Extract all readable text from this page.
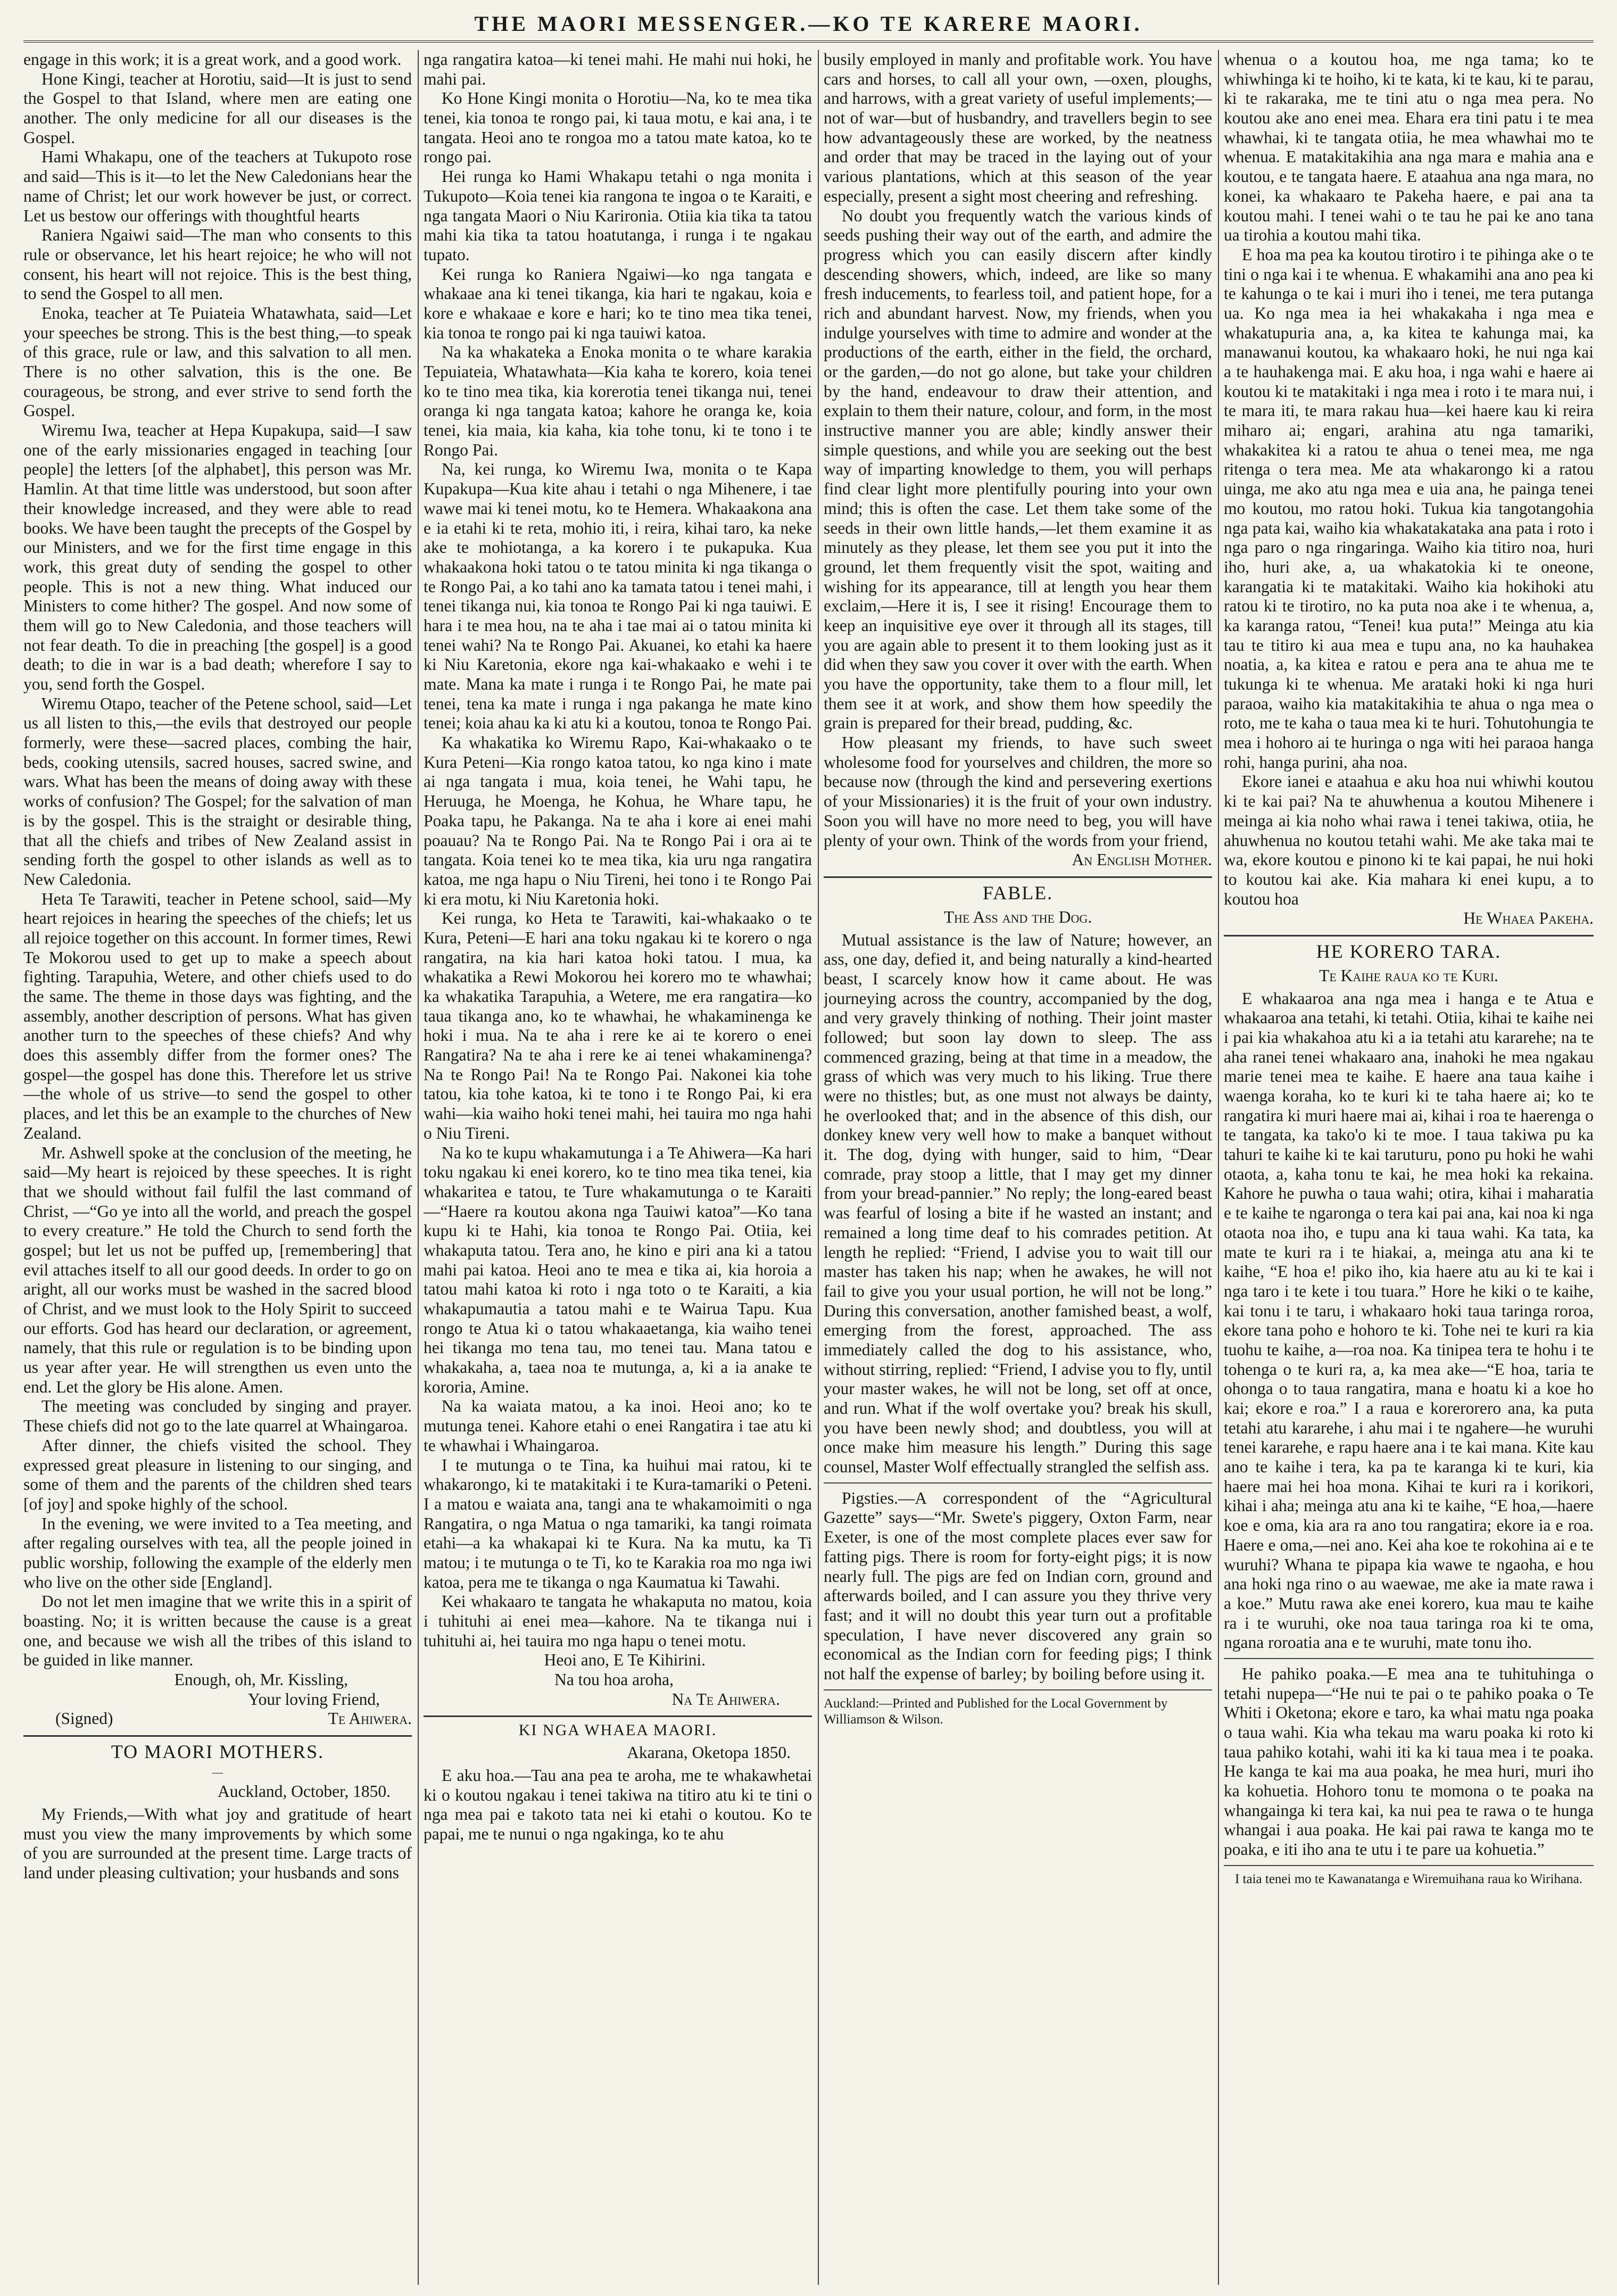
THE MAORI MESSENGER.—KO TE KARERE MAORI.

engage in this work; it is a great work, and a good work.

Hone Kingi, teacher at Horotiu, said—It is just to send the Gospel to that Island, where men are eating one another. The only medicine for all our diseases is the Gospel.

Hami Whakapu, one of the teachers at Tukupoto rose and said—This is it—to let the New Caledonians hear the name of Christ; let our work however be just, or correct. Let us bestow our offerings with thoughtful hearts

Raniera Ngaiwi said—The man who consents to this rule or observance, let his heart rejoice; he who will not consent, his heart will not rejoice. This is the best thing, to send the Gospel to all men.

Enoka, teacher at Te Puiateia Whatawhata, said—Let your speeches be strong. This is the best thing,—to speak of this grace, rule or law, and this salvation to all men. There is no other salvation, this is the one. Be courageous, be strong, and ever strive to send forth the Gospel.

Wiremu Iwa, teacher at Hepa Kupakupa, said—I saw one of the early missionaries engaged in teaching [our people] the letters [of the alphabet], this person was Mr. Hamlin. At that time little was understood, but soon after their knowledge increased, and they were able to read books. We have been taught the precepts of the Gospel by our Ministers, and we for the first time engage in this work, this great duty of sending the gospel to other people. This is not a new thing. What induced our Ministers to come hither? The gospel. And now some of them will go to New Caledonia, and those teachers will not fear death. To die in preaching [the gospel] is a good death; to die in war is a bad death; wherefore I say to you, send forth the Gospel.

Wiremu Otapo, teacher of the Petene school, said—Let us all listen to this,—the evils that destroyed our people formerly, were these—sacred places, combing the hair, beds, cooking utensils, sacred houses, sacred swine, and wars. What has been the means of doing away with these works of confusion? The Gospel; for the salvation of man is by the gospel. This is the straight or desirable thing, that all the chiefs and tribes of New Zealand assist in sending forth the gospel to other islands as well as to New Caledonia.

Heta Te Tarawiti, teacher in Petene school, said—My heart rejoices in hearing the speeches of the chiefs; let us all rejoice together on this account. In former times, Rewi Te Mokorou used to get up to make a speech about fighting. Tarapuhia, Wetere, and other chiefs used to do the same. The theme in those days was fighting, and the assembly, another description of persons. What has given another turn to the speeches of these chiefs? And why does this assembly differ from the former ones? The gospel—the gospel has done this. Therefore let us strive—the whole of us strive—to send the gospel to other places, and let this be an example to the churches of New Zealand.

Mr. Ashwell spoke at the conclusion of the meeting, he said—My heart is rejoiced by these speeches. It is right that we should without fail fulfil the last command of Christ, —“Go ye into all the world, and preach the gospel to every creature.” He told the Church to send forth the gospel; but let us not be puffed up, [remembering] that evil attaches itself to all our good deeds. In order to go on aright, all our works must be washed in the sacred blood of Christ, and we must look to the Holy Spirit to succeed our efforts. God has heard our declaration, or agreement, namely, that this rule or regulation is to be binding upon us year after year. He will strengthen us even unto the end. Let the glory be His alone. Amen.

The meeting was concluded by singing and prayer. These chiefs did not go to the late quarrel at Whaingaroa.

After dinner, the chiefs visited the school. They expressed great pleasure in listening to our singing, and some of them and the parents of the children shed tears [of joy] and spoke highly of the school.

In the evening, we were invited to a Tea meeting, and after regaling ourselves with tea, all the people joined in public worship, following the example of the elderly men who live on the other side [England].

Do not let men imagine that we write this in a spirit of boasting. No; it is written because the cause is a great one, and because we wish all the tribes of this island to be guided in like manner.

Enough, oh, Mr. Kissling,

Your loving Friend,

(Signed)	Te Ahiwera.
TO MAORI MOTHERS.
—
Auckland, October, 1850.

My Friends,—With what joy and gratitude of heart must you view the many improvements by which some of you are surrounded at the present time. Large tracts of land under pleasing cultivation; your husbands and sons

nga rangatira katoa—ki tenei mahi. He mahi nui hoki, he mahi pai.

Ko Hone Kingi monita o Horotiu—Na, ko te mea tika tenei, kia tonoa te rongo pai, ki taua motu, e kai ana, i te tangata. Heoi ano te rongoa mo a tatou mate katoa, ko te rongo pai.

Hei runga ko Hami Whakapu tetahi o nga monita i Tukupoto—Koia tenei kia rangona te ingoa o te Karaiti, e nga tangata Maori o Niu Karironia. Otiia kia tika ta tatou mahi kia tika ta tatou hoatutanga, i runga i te ngakau tupato.

Kei runga ko Raniera Ngaiwi—ko nga tangata e whakaae ana ki tenei tikanga, kia hari te ngakau, koia e kore e whakaae e kore e hari; ko te tino mea tika tenei, kia tonoa te rongo pai ki nga tauiwi katoa.

Na ka whakateka a Enoka monita o te whare karakia Tepuiateia, Whatawhata—Kia kaha te korero, koia tenei ko te tino mea tika, kia korerotia tenei tikanga nui, tenei oranga ki nga tangata katoa; kahore he oranga ke, koia tenei, kia maia, kia kaha, kia tohe tonu, ki te tono i te Rongo Pai.

Na, kei runga, ko Wiremu Iwa, monita o te Kapa Kupakupa—Kua kite ahau i tetahi o nga Mihenere, i tae wawe mai ki tenei motu, ko te Hemera. Whakaakona ana e ia etahi ki te reta, mohio iti, i reira, kihai taro, ka neke ake te mohiotanga, a ka korero i te pukapuka. Kua whakaakona hoki tatou o te tatou minita ki nga tikanga o te Rongo Pai, a ko tahi ano ka tamata tatou i tenei mahi, i tenei tikanga nui, kia tonoa te Rongo Pai ki nga tauiwi. E hara i te mea hou, na te aha i tae mai ai o tatou minita ki tenei wahi? Na te Rongo Pai. Akuanei, ko etahi ka haere ki Niu Karetonia, ekore nga kai-whakaako e wehi i te mate. Mana ka mate i runga i te Rongo Pai, he mate pai tenei, tena ka mate i runga i nga pakanga he mate kino tenei; koia ahau ka ki atu ki a koutou, tonoa te Rongo Pai.

Ka whakatika ko Wiremu Rapo, Kai-whakaako o te Kura Peteni—Kia rongo katoa tatou, ko nga kino i mate ai nga tangata i mua, koia tenei, he Wahi tapu, he Heruuga, he Moenga, he Kohua, he Whare tapu, he Poaka tapu, he Pakanga. Na te aha i kore ai enei mahi poauau? Na te Rongo Pai. Na te Rongo Pai i ora ai te tangata. Koia tenei ko te mea tika, kia uru nga rangatira katoa, me nga hapu o Niu Tireni, hei tono i te Rongo Pai ki era motu, ki Niu Karetonia hoki.

Kei runga, ko Heta te Tarawiti, kai-whakaako o te Kura, Peteni—E hari ana toku ngakau ki te korero o nga rangatira, na kia hari katoa hoki tatou. I mua, ka whakatika a Rewi Mokorou hei korero mo te whawhai; ka whakatika Tarapuhia, a Wetere, me era rangatira—ko taua tikanga ano, ko te whawhai, he whakaminenga ke hoki i mua. Na te aha i rere ke ai te korero o enei Rangatira? Na te aha i rere ke ai tenei whakaminenga? Na te Rongo Pai! Na te Rongo Pai. Nakonei kia tohe tatou, kia tohe katoa, ki te tono i te Rongo Pai, ki era wahi—kia waiho hoki tenei mahi, hei tauira mo nga hahi o Niu Tireni.

Na ko te kupu whakamutunga i a Te Ahiwera—Ka hari toku ngakau ki enei korero, ko te tino mea tika tenei, kia whakaritea e tatou, te Ture whakamutunga o te Karaiti —“Haere ra koutou akona nga Tauiwi katoa”—Ko tana kupu ki te Hahi, kia tonoa te Rongo Pai. Otiia, kei whakaputa tatou. Tera ano, he kino e piri ana ki a tatou mahi pai katoa. Heoi ano te mea e tika ai, kia horoia a tatou mahi katoa ki roto i nga toto o te Karaiti, a kia whakapumautia a tatou mahi e te Wairua Tapu. Kua rongo te Atua ki o tatou whakaaetanga, kia waiho tenei hei tikanga mo tena tau, mo tenei tau. Mana tatou e whakakaha, a, taea noa te mutunga, a, ki a ia anake te kororia, Amine.

Na ka waiata matou, a ka inoi. Heoi ano; ko te mutunga tenei. Kahore etahi o enei Rangatira i tae atu ki te whawhai i Whaingaroa.

I te mutunga o te Tina, ka huihui mai ratou, ki te whakarongo, ki te matakitaki i te Kura-tamariki o Peteni. I a matou e waiata ana, tangi ana te whakamoimiti o nga Rangatira, o nga Matua o nga tamariki, ka tangi roimata etahi—a ka whakapai ki te Kura. Na ka mutu, ka Ti matou; i te mutunga o te Ti, ko te Karakia roa mo nga iwi katoa, pera me te tikanga o nga Kaumatua ki Tawahi.

Kei whakaaro te tangata he whakaputa no matou, koia i tuhituhi ai enei mea—kahore. Na te tikanga nui i tuhituhi ai, hei tauira mo nga hapu o tenei motu.

Heoi ano, E Te Kihirini.

Na tou hoa aroha,

Na Te Ahiwera.

KI NGA WHAEA MAORI.
Akarana, Oketopa 1850.

E aku hoa.—Tau ana pea te aroha, me te whakawhetai ki o koutou ngakau i tenei takiwa na titiro atu ki te tini o nga mea pai e takoto tata nei ki etahi o koutou. Ko te papai, me te nunui o nga ngakinga, ko te ahu

busily employed in manly and profitable work. You have cars and horses, to call all your own, —oxen, ploughs, and harrows, with a great variety of useful implements;—not of war—but of husbandry, and travellers begin to see how advantageously these are worked, by the neatness and order that may be traced in the laying out of your various plantations, which at this season of the year especially, present a sight most cheering and refreshing.

No doubt you frequently watch the various kinds of seeds pushing their way out of the earth, and admire the progress which you can easily discern after kindly descending showers, which, indeed, are like so many fresh inducements, to fearless toil, and patient hope, for a rich and abundant harvest. Now, my friends, when you indulge yourselves with time to admire and wonder at the productions of the earth, either in the field, the orchard, or the garden,—do not go alone, but take your children by the hand, endeavour to draw their attention, and explain to them their nature, colour, and form, in the most instructive manner you are able; kindly answer their simple questions, and while you are seeking out the best way of imparting knowledge to them, you will perhaps find clear light more plentifully pouring into your own mind; this is often the case. Let them take some of the seeds in their own little hands,—let them examine it as minutely as they please, let them see you put it into the ground, let them frequently visit the spot, waiting and wishing for its appearance, till at length you hear them exclaim,—Here it is, I see it rising! Encourage them to keep an inquisitive eye over it through all its stages, till you are again able to present it to them looking just as it did when they saw you cover it over with the earth. When you have the opportunity, take them to a flour mill, let them see it at work, and show them how speedily the grain is prepared for their bread, pudding, &c.

How pleasant my friends, to have such sweet wholesome food for yourselves and children, the more so because now (through the kind and persevering exertions of your Missionaries) it is the fruit of your own industry. Soon you will have no more need to beg, you will have plenty of your own. Think of the words from your friend,

An English Mother.

FABLE.
The Ass and the Dog.

Mutual assistance is the law of Nature; however, an ass, one day, defied it, and being naturally a kind-hearted beast, I scarcely know how it came about. He was journeying across the country, accompanied by the dog, and very gravely thinking of nothing. Their joint master followed; but soon lay down to sleep. The ass commenced grazing, being at that time in a meadow, the grass of which was very much to his liking. True there were no thistles; but, as one must not always be dainty, he overlooked that; and in the absence of this dish, our donkey knew very well how to make a banquet without it. The dog, dying with hunger, said to him, “Dear comrade, pray stoop a little, that I may get my dinner from your bread-pannier.” No reply; the long-eared beast was fearful of losing a bite if he wasted an instant; and remained a long time deaf to his comrades petition. At length he replied: “Friend, I advise you to wait till our master has taken his nap; when he awakes, he will not fail to give you your usual portion, he will not be long.” During this conversation, another famished beast, a wolf, emerging from the forest, approached. The ass immediately called the dog to his assistance, who, without stirring, replied: “Friend, I advise you to fly, until your master wakes, he will not be long, set off at once, and run. What if the wolf overtake you? break his skull, you have been newly shod; and doubtless, you will at once make him measure his length.” During this sage counsel, Master Wolf effectually strangled the selfish ass.

Pigsties.—A correspondent of the “Agricultural Gazette” says—“Mr. Swete's piggery, Oxton Farm, near Exeter, is one of the most complete places ever saw for fatting pigs. There is room for forty-eight pigs; it is now nearly full. The pigs are fed on Indian corn, ground and afterwards boiled, and I can assure you they thrive very fast; and it will no doubt this year turn out a profitable speculation, I have never discovered any grain so economical as the Indian corn for feeding pigs; I think not half the expense of barley; by boiling before using it.

Auckland:—Printed and Published for the Local Government by Williamson & Wilson.

whenua o a koutou hoa, me nga tama; ko te whiwhinga ki te hoiho, ki te kata, ki te kau, ki te parau, ki te rakaraka, me te tini atu o nga mea pera. No koutou ake ano enei mea. Ehara era tini patu i te mea whawhai, ki te tangata otiia, he mea whawhai mo te whenua. E matakitakihia ana nga mara e mahia ana e koutou, e te tangata haere. E ataahua ana nga mara, no konei, ka whakaaro te Pakeha haere, e pai ana ta koutou mahi. I tenei wahi o te tau he pai ke ano tana ua tirohia a koutou mahi tika.

E hoa ma pea ka koutou tirotiro i te pihinga ake o te tini o nga kai i te whenua. E whakamihi ana ano pea ki te kahunga o te kai i muri iho i tenei, me tera putanga ua. Ko nga mea ia hei whakakaha i nga mea e whakatupuria ana, a, ka kitea te kahunga mai, ka manawanui koutou, ka whakaaro hoki, he nui nga kai a te hauhakenga mai. E aku hoa, i nga wahi e haere ai koutou ki te matakitaki i nga mea i roto i te mara nui, i te mara iti, te mara rakau hua—kei haere kau ki reira miharo ai; engari, arahina atu nga tamariki, whakakitea ki a ratou te ahua o tenei mea, me nga ritenga o tera mea. Me ata whakarongo ki a ratou uinga, me ako atu nga mea e uia ana, he painga tenei mo koutou, mo ratou hoki. Tukua kia tangotangohia nga pata kai, waiho kia whakatakataka ana pata i roto i nga paro o nga ringaringa. Waiho kia titiro noa, huri iho, huri ake, a, ua whakatokia ki te oneone, karangatia ki te matakitaki. Waiho kia hokihoki atu ratou ki te tirotiro, no ka puta noa ake i te whenua, a, ka karanga ratou, “Tenei! kua puta!” Meinga atu kia tau te titiro ki aua mea e tupu ana, no ka hauhakea noatia, a, ka kitea e ratou e pera ana te ahua me te tukunga ki te whenua. Me arataki hoki ki nga huri paraoa, waiho kia matakitakihia te ahua o nga mea o roto, me te kaha o taua mea ki te huri. Tohutohungia te mea i hohoro ai te huringa o nga witi hei paraoa hanga rohi, hanga purini, aha noa.

Ekore ianei e ataahua e aku hoa nui whiwhi koutou ki te kai pai? Na te ahuwhenua a koutou Mihenere i meinga ai kia noho whai rawa i tenei takiwa, otiia, he ahuwhenua no koutou tetahi wahi. Me ake taka mai te wa, ekore koutou e pinono ki te kai papai, he nui hoki to koutou kai ake. Kia mahara ki enei kupu, a to koutou hoa

He Whaea Pakeha.

HE KORERO TARA.
Te Kaihe raua ko te Kuri.

E whakaaroa ana nga mea i hanga e te Atua e whakaaroa ana tetahi, ki tetahi. Otiia, kihai te kaihe nei i pai kia whakahoa atu ki a ia tetahi atu kararehe; na te aha ranei tenei whakaaro ana, inahoki he mea ngakau marie tenei mea te kaihe. E haere ana taua kaihe i waenga koraha, ko te kuri ki te taha haere ai; ko te rangatira ki muri haere mai ai, kihai i roa te haerenga o te tangata, ka tako'o ki te moe. I taua takiwa pu ka tahuri te kaihe ki te kai taruturu, pono pu hoki he wahi otaota, a, kaha tonu te kai, he mea hoki ka rekaina. Kahore he puwha o taua wahi; otira, kihai i maharatia e te kaihe te ngaronga o tera kai pai ana, kai noa ki nga otaota noa iho, e tupu ana ki taua wahi. Ka tata, ka mate te kuri ra i te hiakai, a, meinga atu ana ki te kaihe, “E hoa e! piko iho, kia haere atu au ki te kai i nga taro i te kete i tou tuara.” Hore he kiki o te kaihe, kai tonu i te taru, i whakaaro hoki taua taringa roroa, ekore tana poho e hohoro te ki. Tohe nei te kuri ra kia tuohu te kaihe, a—roa noa. Ka tinipea tera te hohu i te tohenga o te kuri ra, a, ka mea ake—“E hoa, taria te ohonga o to taua rangatira, mana e hoatu ki a koe ho kai; ekore e roa.” I a raua e korerorero ana, ka puta tetahi atu kararehe, i ahu mai i te ngahere—he wuruhi tenei kararehe, e rapu haere ana i te kai mana. Kite kau ano te kaihe i tera, ka pa te karanga ki te kuri, kia haere mai hei hoa mona. Kihai te kuri ra i korikori, kihai i aha; meinga atu ana ki te kaihe, “E hoa,—haere koe e oma, kia ara ra ano tou rangatira; ekore ia e roa. Haere e oma,—nei ano. Kei aha koe te rokohina ai e te wuruhi? Whana te pipapa kia wawe te ngaoha, e hou ana hoki nga rino o au waewae, me ake ia mate rawa i a koe.” Mutu rawa ake enei korero, kua mau te kaihe ra i te wuruhi, oke noa taua taringa roa ki te oma, ngana roroatia ana e te wuruhi, mate tonu iho.

He pahiko poaka.—E mea ana te tuhituhinga o tetahi nupepa—“He nui te pai o te pahiko poaka o Te Whiti i Oketona; ekore e taro, ka whai matu nga poaka o taua wahi. Kia wha tekau ma waru poaka ki roto ki taua pahiko kotahi, wahi iti ka ki taua mea i te poaka. He kanga te kai ma aua poaka, he mea huri, muri iho ka kohuetia. Hohoro tonu te momona o te poaka na whangainga ki tera kai, ka nui pea te rawa o te hunga whangai i aua poaka. He kai pai rawa te kanga mo te poaka, e iti iho ana te utu i te pare ua kohuetia.”

I taia tenei mo te Kawanatanga e Wiremuihana raua ko Wirihana.
